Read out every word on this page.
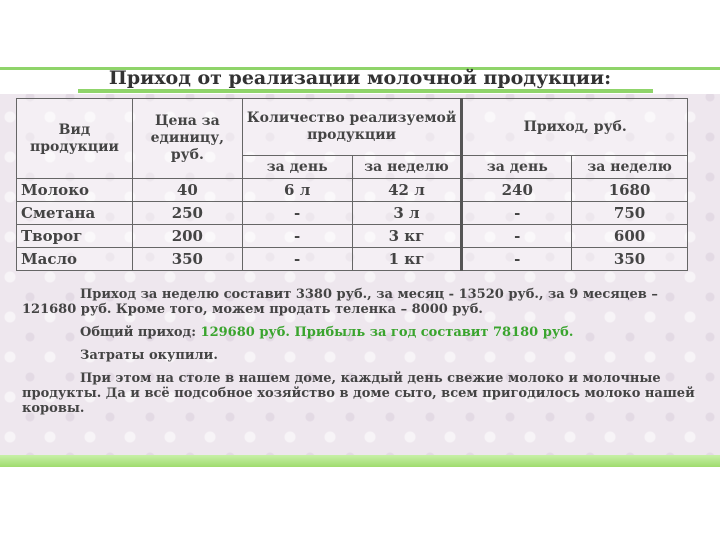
Приход от реализации молочной продукции:
Вид продукции	Цена за единицу, руб.	Количество реализуемой продукции		Приход, руб.	
		за день	за неделю	за день	за неделю
Молоко	40	6 л	42 л	240	1680
Сметана	250	-	3 л	-	750
Творог	200	-	3 кг	-	600
Масло	350	-	1 кг	-	350

Приход за неделю составит 3380 руб., за месяц - 13520 руб., за 9 месяцев – 121680 руб. Кроме того, можем продать теленка – 8000 руб.

Общий приход: 129680 руб. Прибыль за год составит 78180 руб.

Затраты окупили.

При этом на столе в нашем доме, каждый день свежие молоко и молочные продукты. Да и всё подсобное хозяйство в доме сыто, всем пригодилось молоко нашей коровы.
